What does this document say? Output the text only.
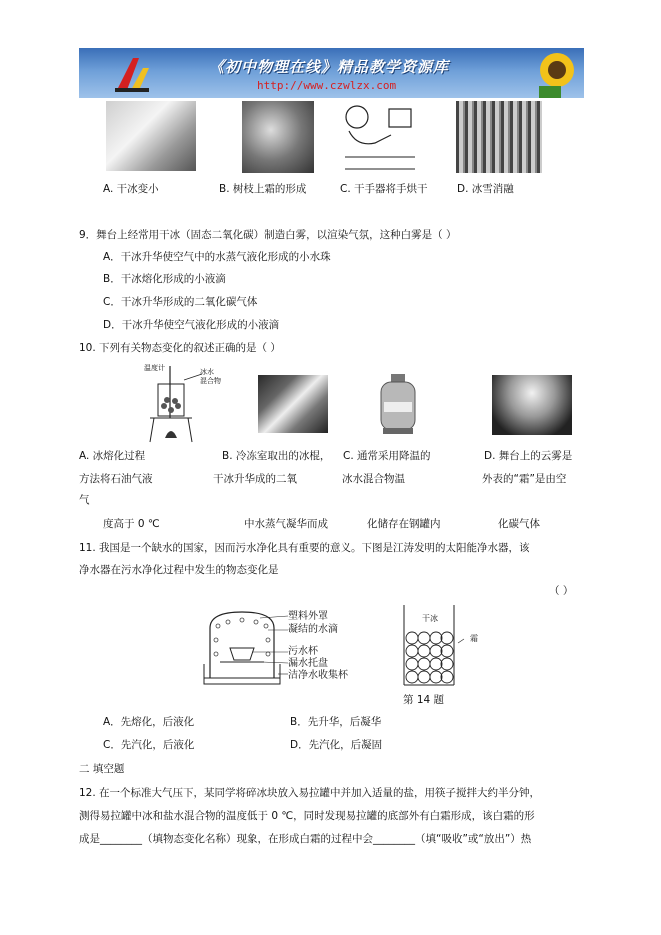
《初中物理在线》精品教学资源库
http://www.czwlzx.com
A. 干冰变小	B. 树枝上霜的形成	C. 干手器将手烘干	D. 冰雪消融
9．舞台上经常用干冰（固态二氧化碳）制造白雾，以渲染气氛，这种白雾是（ ）
A．干冰升华使空气中的水蒸气液化形成的小水珠
B．干冰熔化形成的小液滴
C．干冰升华形成的二氧化碳气体
D．干冰升华使空气液化形成的小液滴
10. 下列有关物态变化的叙述正确的是（ ）
温度计	冰水
混合物
A. 冰熔化过程	B. 冷冻室取出的冰棍， C. 通常采用降温的	D. 舞台上的云雾是
方法将石油气液	干冰升华成的二氧	冰水混合物温	外表的“霜”是由空
气
度高于 0 ℃	中水蒸气凝华而成	化储存在钢罐内	化碳气体
11. 我国是一个缺水的国家，因而污水净化具有重要的意义。下图是江涛发明的太阳能净水器，该
净水器在污水净化过程中发生的物态变化是
（ ）
塑料外罩
凝结的水滴
污水杯
漏水托盘
洁净水收集杯
干冰
霜
第 14 题
A．先熔化，后液化	B．先升华，后凝华
C．先汽化，后液化	D．先汽化，后凝固
二 填空题
12. 在一个标准大气压下，某同学将碎冰块放入易拉罐中并加入适量的盐，用筷子搅拌大约半分钟，
测得易拉罐中冰和盐水混合物的温度低于 0 ℃，同时发现易拉罐的底部外有白霜形成，该白霜的形
成是________（填物态变化名称）现象，在形成白霜的过程中会________（填“吸收”或“放出”）热
